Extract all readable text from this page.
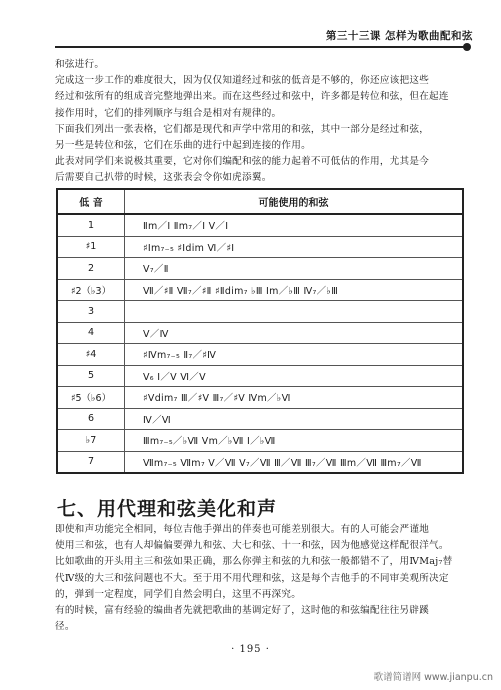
第三十三课 怎样为歌曲配和弦
和弦进行。
完成这一步工作的难度很大，因为仅仅知道经过和弦的低音是不够的，你还应该把这些
经过和弦所有的组成音完整地弹出来。而在这些经过和弦中，许多都是转位和弦，但在起连
接作用时，它们的排列顺序与组合是相对有规律的。
下面我们列出一张表格，它们都是现代和声学中常用的和弦，其中一部分是经过和弦，
另一些是转位和弦，它们在乐曲的进行中起到连接的作用。
此表对同学们来说极其重要，它对你们编配和弦的能力起着不可低估的作用，尤其是今
后需要自己扒带的时候，这张表会令你如虎添翼。
低 音	可能使用的和弦
1	Ⅱm／Ⅰ Ⅱm₇／Ⅰ Ⅴ／Ⅰ
♯1	♯Ⅰm₇₋₅ ♯Ⅰdim Ⅵ／♯Ⅰ
2	Ⅴ₇／Ⅱ
♯2（♭3）	Ⅶ／♯Ⅱ Ⅶ₇／♯Ⅱ ♯Ⅱdim₇ ♭Ⅲ Ⅰm／♭Ⅲ Ⅳ₇／♭Ⅲ
3	
4	Ⅴ／Ⅳ
♯4	♯Ⅳm₇₋₅ Ⅱ₇／♯Ⅳ
5	Ⅴ₆ Ⅰ／Ⅴ Ⅵ／Ⅴ
♯5（♭6）	♯Ⅴdim₇ Ⅲ／♯Ⅴ Ⅲ₇／♯Ⅴ Ⅳm／♭Ⅵ
6	Ⅳ／Ⅵ
♭7	Ⅲm₇₋₅／♭Ⅶ Ⅴm／♭Ⅶ Ⅰ／♭Ⅶ
7	Ⅶm₇₋₅ Ⅶm₇ Ⅴ／Ⅶ Ⅴ₇／Ⅶ Ⅲ／Ⅶ Ⅲ₇／Ⅶ Ⅲm／Ⅶ Ⅲm₇／Ⅶ
七、用代理和弦美化和声
即使和声功能完全相同，每位吉他手弹出的伴奏也可能差别很大。有的人可能会严谨地
使用三和弦，也有人却偏偏要弹九和弦、大七和弦、十一和弦，因为他感觉这样配很洋气。
比如歌曲的开头用主三和弦如果正确，那么你弹主和弦的九和弦一般都错不了，用ⅣMaj₇替
代Ⅳ级的大三和弦问题也不大。至于用不用代理和弦，这是每个吉他手的不同审美观所决定
的，弹到一定程度，同学们自然会明白，这里不再深究。
有的时候，富有经验的编曲者先就把歌曲的基调定好了，这时他的和弦编配往往另辟蹊
径。
· 195 ·
歌谱简谱网 www.jianpu.cn
